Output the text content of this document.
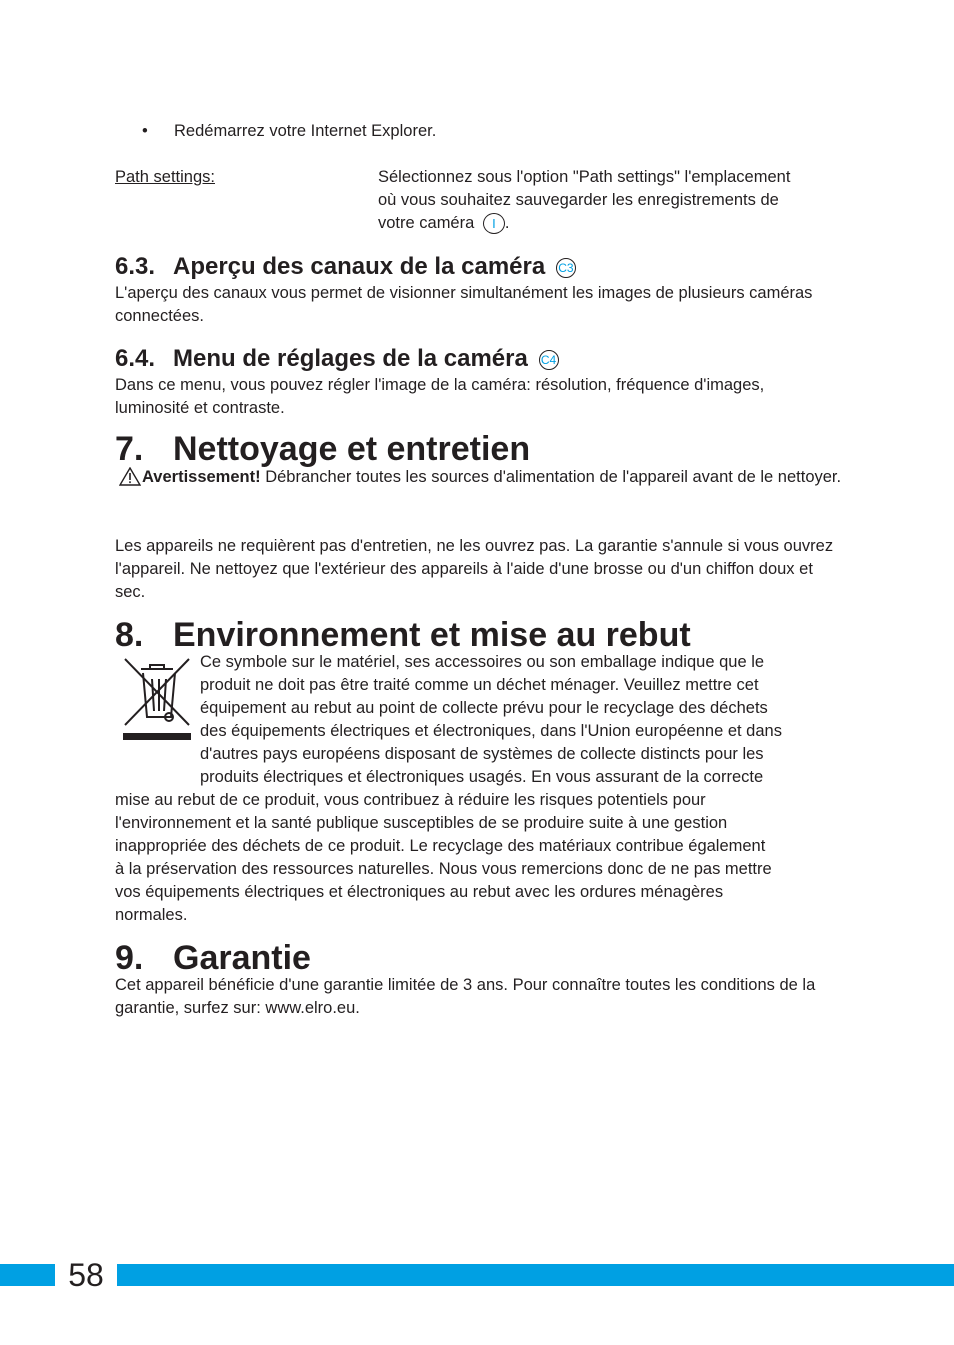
• Redémarrez votre Internet Explorer.
Path settings:	Sélectionnez sous l'option "Path settings" l'emplacement
où vous souhaitez sauvegarder les enregistrements de
votre caméra I .
6.3. Aperçu des canaux de la caméra C3
L'aperçu des canaux vous permet de visionner simultanément les images de plusieurs caméras connectées.
6.4. Menu de réglages de la caméra C4
Dans ce menu, vous pouvez régler l'image de la caméra: résolution, fréquence d'images, luminosité et contraste.
7. Nettoyage et entretien
Avertissement! Débrancher toutes les sources d'alimentation de l'appareil avant de le nettoyer.
Les appareils ne requièrent pas d'entretien, ne les ouvrez pas. La garantie s'annule si vous ouvrez l'appareil. Ne nettoyez que l'extérieur des appareils à l'aide d'une brosse ou d'un chiffon doux et sec.
8. Environnement et mise au rebut
Ce symbole sur le matériel, ses accessoires ou son emballage indique que le
produit ne doit pas être traité comme un déchet ménager. Veuillez mettre cet
équipement au rebut au point de collecte prévu pour le recyclage des déchets
des équipements électriques et électroniques, dans l'Union européenne et dans
d'autres pays européens disposant de systèmes de collecte distincts pour les
produits électriques et électroniques usagés. En vous assurant de la correcte
mise au rebut de ce produit, vous contribuez à réduire les risques potentiels pour
l'environnement et la santé publique susceptibles de se produire suite à une gestion
inappropriée des déchets de ce produit. Le recyclage des matériaux contribue également
à la préservation des ressources naturelles. Nous vous remercions donc de ne pas mettre
vos équipements électriques et électroniques au rebut avec les ordures ménagères
normales.
9. Garantie
Cet appareil bénéficie d'une garantie limitée de 3 ans. Pour connaître toutes les conditions de la garantie, surfez sur: www.elro.eu.
58
